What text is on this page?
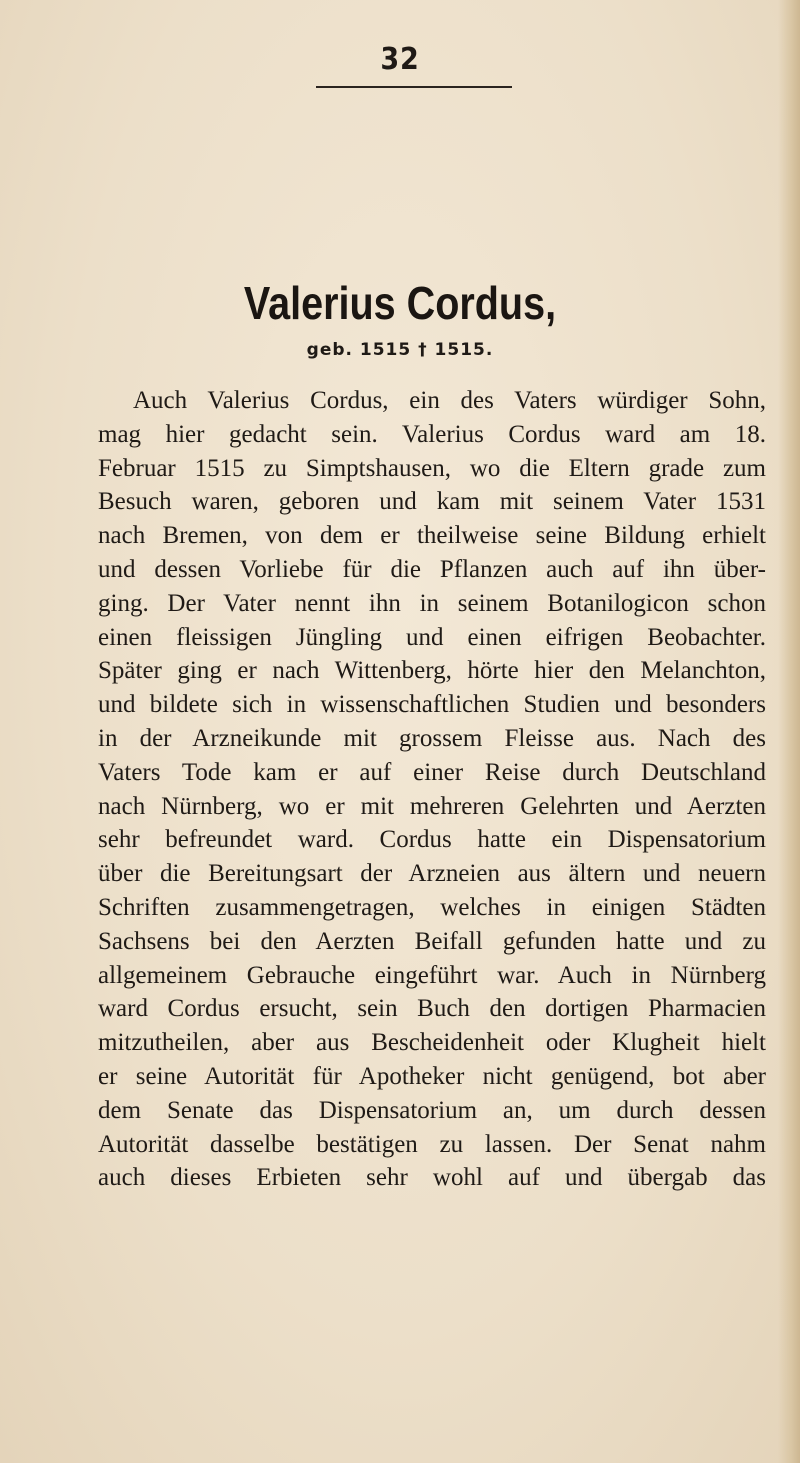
32
Valerius Cordus,
geb. 1515 † 1515.
Auch Valerius Cordus, ein des Vaters würdiger Sohn,
mag hier gedacht sein. Valerius Cordus ward am 18.
Februar 1515 zu Simptshausen, wo die Eltern grade zum
Besuch waren, geboren und kam mit seinem Vater 1531
nach Bremen, von dem er theilweise seine Bildung erhielt
und dessen Vorliebe für die Pflanzen auch auf ihn über-
ging. Der Vater nennt ihn in seinem Botanilogicon schon
einen fleissigen Jüngling und einen eifrigen Beobachter.
Später ging er nach Wittenberg, hörte hier den Melanchton,
und bildete sich in wissenschaftlichen Studien und besonders
in der Arzneikunde mit grossem Fleisse aus. Nach des
Vaters Tode kam er auf einer Reise durch Deutschland
nach Nürnberg, wo er mit mehreren Gelehrten und Aerzten
sehr befreundet ward. Cordus hatte ein Dispensatorium
über die Bereitungsart der Arzneien aus ältern und neuern
Schriften zusammengetragen, welches in einigen Städten
Sachsens bei den Aerzten Beifall gefunden hatte und zu
allgemeinem Gebrauche eingeführt war. Auch in Nürnberg
ward Cordus ersucht, sein Buch den dortigen Pharmacien
mitzutheilen, aber aus Bescheidenheit oder Klugheit hielt
er seine Autorität für Apotheker nicht genügend, bot aber
dem Senate das Dispensatorium an, um durch dessen
Autorität dasselbe bestätigen zu lassen. Der Senat nahm
auch dieses Erbieten sehr wohl auf und übergab das
